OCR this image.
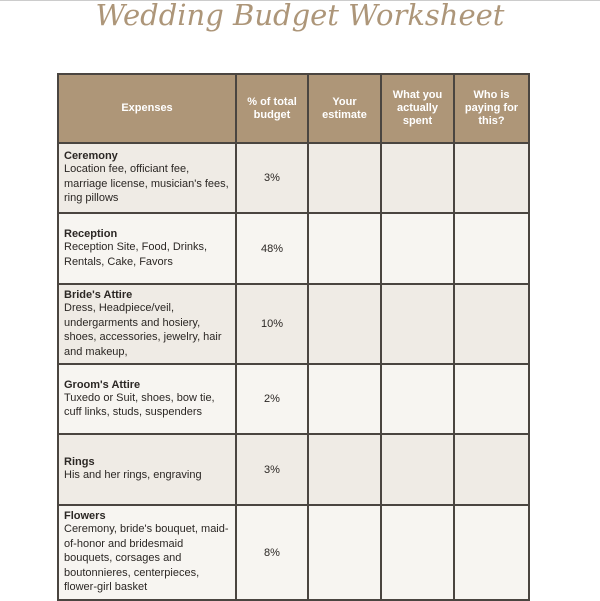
Wedding Budget Worksheet
Expenses	% of total budget	Your estimate	What you actually spent	Who is paying for this?

Ceremony
Location fee, officiant fee, marriage license, musician's fees, ring pillows	3%			

Reception
Reception Site, Food, Drinks, Rentals, Cake, Favors	48%			

Bride's Attire
Dress, Headpiece/veil, undergarments and hosiery, shoes, accessories, jewelry, hair and makeup,	10%			

Groom's Attire
Tuxedo or Suit, shoes, bow tie, cuff links, studs, suspenders	2%			

Rings
His and her rings, engraving	3%			

Flowers
Ceremony, bride's bouquet, maid-of-honor and bridesmaid bouquets, corsages and boutonnieres, centerpieces, flower-girl basket	8%			
